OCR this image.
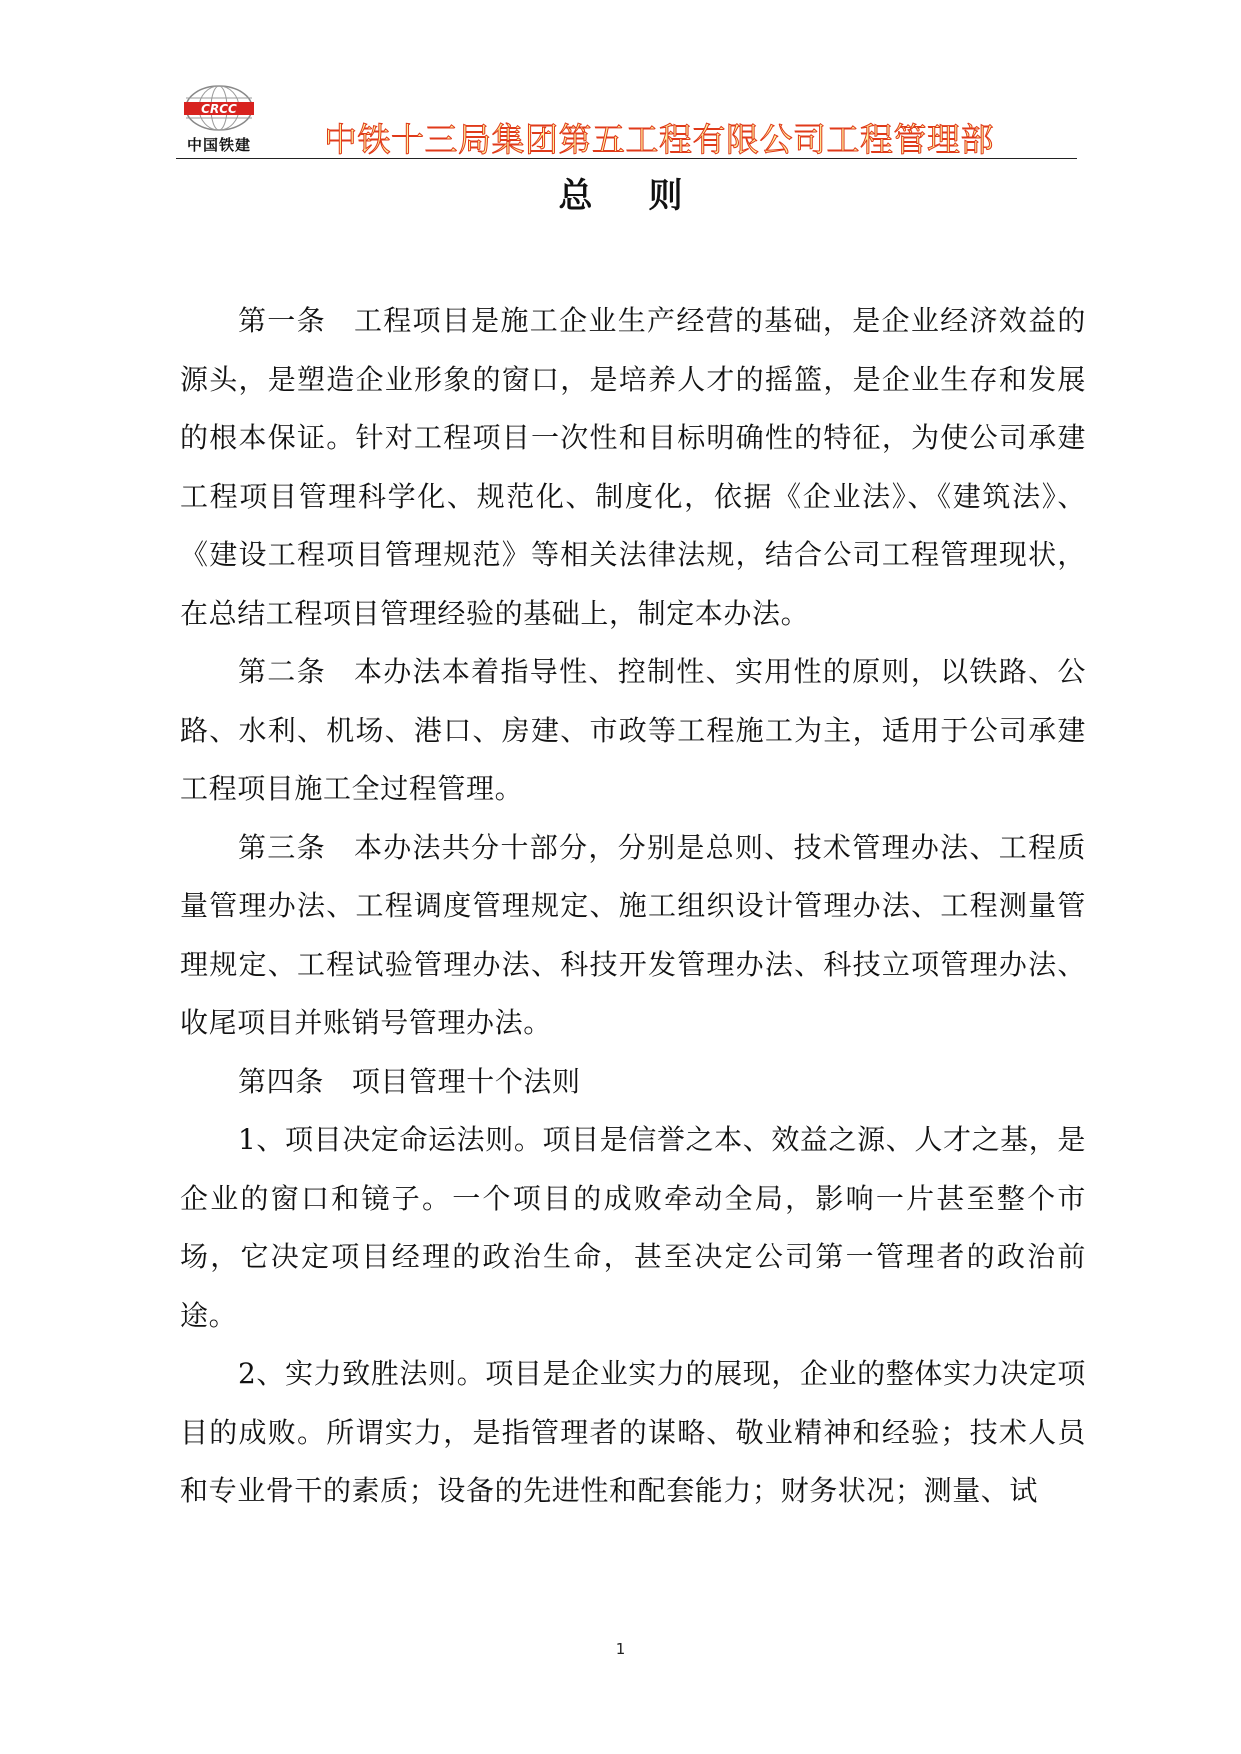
CRCC
中国铁建	中铁十三局集团第五工程有限公司工程管理部
总则

第一条 工程项目是施工企业生产经营的基础，是企业经济效益的源头，是塑造企业形象的窗口，是培养人才的摇篮，是企业生存和发展的根本保证。针对工程项目一次性和目标明确性的特征，为使公司承建工程项目管理科学化、规范化、制度化，依据《企业法》、《建筑法》、《建设工程项目管理规范》等相关法律法规，结合公司工程管理现状，在总结工程项目管理经验的基础上，制定本办法。

第二条 本办法本着指导性、控制性、实用性的原则，以铁路、公路、水利、机场、港口、房建、市政等工程施工为主，适用于公司承建工程项目施工全过程管理。

第三条 本办法共分十部分，分别是总则、技术管理办法、工程质量管理办法、工程调度管理规定、施工组织设计管理办法、工程测量管理规定、工程试验管理办法、科技开发管理办法、科技立项管理办法、收尾项目并账销号管理办法。

第四条 项目管理十个法则

1、项目决定命运法则。项目是信誉之本、效益之源、人才之基，是企业的窗口和镜子。一个项目的成败牵动全局，影响一片甚至整个市场，它决定项目经理的政治生命，甚至决定公司第一管理者的政治前途。

2、实力致胜法则。项目是企业实力的展现，企业的整体实力决定项目的成败。所谓实力，是指管理者的谋略、敬业精神和经验；技术人员和专业骨干的素质；设备的先进性和配套能力；财务状况；测量、试

1
